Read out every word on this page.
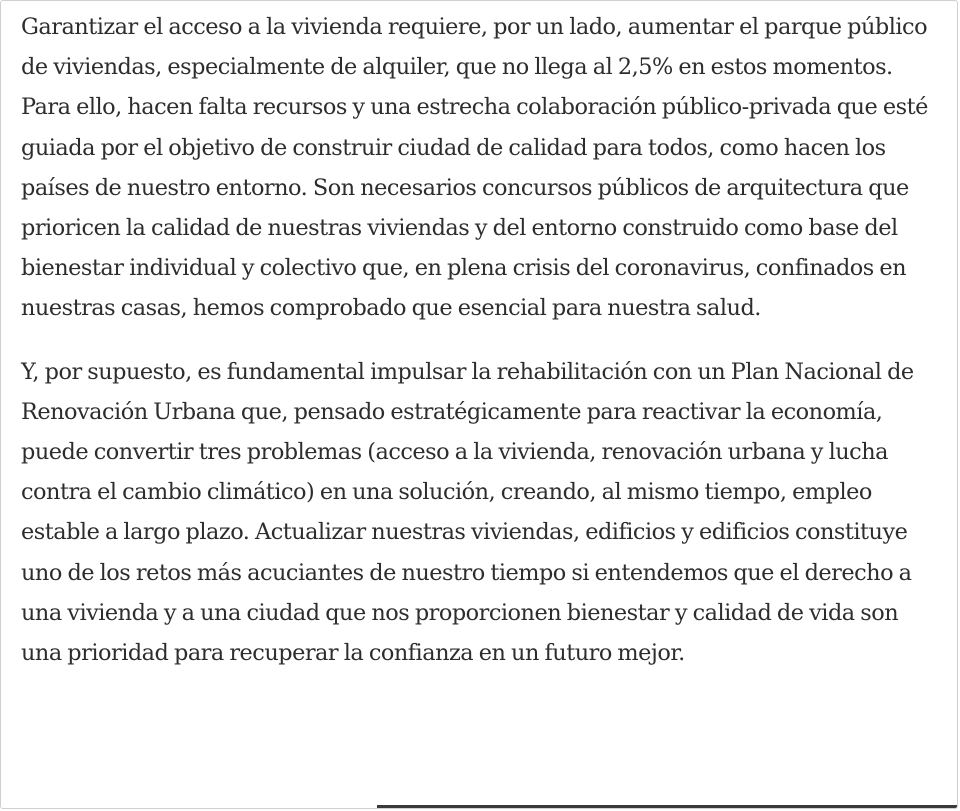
Garantizar el acceso a la vivienda requiere, por un lado, aumentar el parque público de viviendas, especialmente de alquiler, que no llega al 2,5% en estos momentos. Para ello, hacen falta recursos y una estrecha colaboración público-privada que esté guiada por el objetivo de construir ciudad de calidad para todos, como hacen los países de nuestro entorno. Son necesarios concursos públicos de arquitectura que prioricen la calidad de nuestras viviendas y del entorno construido como base del bienestar individual y colectivo que, en plena crisis del coronavirus, confinados en nuestras casas, hemos comprobado que esencial para nuestra salud.

Y, por supuesto, es fundamental impulsar la rehabilitación con un Plan Nacional de Renovación Urbana que, pensado estratégicamente para reactivar la economía, puede convertir tres problemas (acceso a la vivienda, renovación urbana y lucha contra el cambio climático) en una solución, creando, al mismo tiempo, empleo estable a largo plazo. Actualizar nuestras viviendas, edificios y edificios constituye uno de los retos más acuciantes de nuestro tiempo si entendemos que el derecho a una vivienda y a una ciudad que nos proporcionen bienestar y calidad de vida son una prioridad para recuperar la confianza en un futuro mejor.
